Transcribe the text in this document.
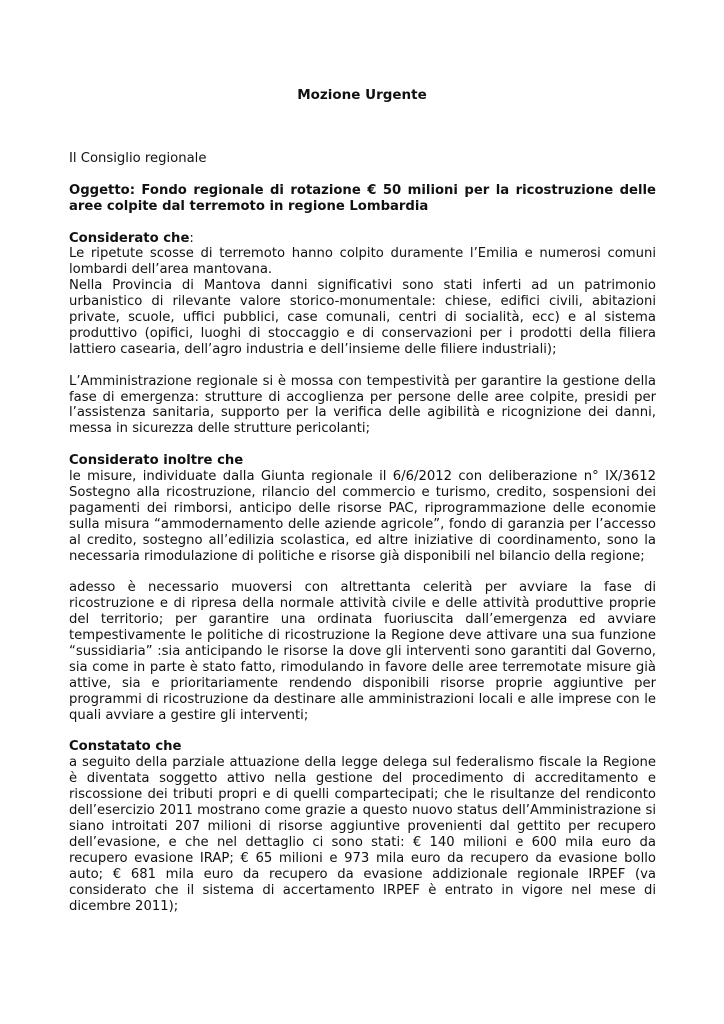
Mozione Urgente

Il Consiglio regionale

Oggetto: Fondo regionale di rotazione € 50 milioni per la ricostruzione delle aree colpite dal terremoto in regione Lombardia

Considerato che:

Le ripetute scosse di terremoto hanno colpito duramente l’Emilia e numerosi comuni lombardi dell’area mantovana.

Nella Provincia di Mantova danni significativi sono stati inferti ad un patrimonio urbanistico di rilevante valore storico-monumentale: chiese, edifici civili, abitazioni private, scuole, uffici pubblici, case comunali, centri di socialità, ecc) e al sistema produttivo (opifici, luoghi di stoccaggio e di conservazioni per i prodotti della filiera lattiero casearia, dell’agro industria e dell’insieme delle filiere industriali);

L’Amministrazione regionale si è mossa con tempestività per garantire la gestione della fase di emergenza: strutture di accoglienza per persone delle aree colpite, presidi per l’assistenza sanitaria, supporto per la verifica delle agibilità e ricognizione dei danni, messa in sicurezza delle strutture pericolanti;

Considerato inoltre che

le misure, individuate dalla Giunta regionale il 6/6/2012 con deliberazione n° IX/3612 Sostegno alla ricostruzione, rilancio del commercio e turismo, credito, sospensioni dei pagamenti dei rimborsi, anticipo delle risorse PAC, riprogrammazione delle economie sulla misura “ammodernamento delle aziende agricole”, fondo di garanzia per l’accesso al credito, sostegno all’edilizia scolastica, ed altre iniziative di coordinamento, sono la necessaria rimodulazione di politiche e risorse già disponibili nel bilancio della regione;

adesso è necessario muoversi con altrettanta celerità per avviare la fase di ricostruzione e di ripresa della normale attività civile e delle attività produttive proprie del territorio; per garantire una ordinata fuoriuscita dall’emergenza ed avviare tempestivamente le politiche di ricostruzione la Regione deve attivare una sua funzione “sussidiaria” :sia anticipando le risorse la dove gli interventi sono garantiti dal Governo, sia come in parte è stato fatto, rimodulando in favore delle aree terremotate misure già attive, sia e prioritariamente rendendo disponibili risorse proprie aggiuntive per programmi di ricostruzione da destinare alle amministrazioni locali e alle imprese con le quali avviare a gestire gli interventi;

Constatato che

a seguito della parziale attuazione della legge delega sul federalismo fiscale la Regione è diventata soggetto attivo nella gestione del procedimento di accreditamento e riscossione dei tributi propri e di quelli compartecipati; che le risultanze del rendiconto dell’esercizio 2011 mostrano come grazie a questo nuovo status dell’Amministrazione si siano introitati 207 milioni di risorse aggiuntive provenienti dal gettito per recupero dell’evasione, e che nel dettaglio ci sono stati: € 140 milioni e 600 mila euro da recupero evasione IRAP; € 65 milioni e 973 mila euro da recupero da evasione bollo auto; € 681 mila euro da recupero da evasione addizionale regionale IRPEF (va considerato che il sistema di accertamento IRPEF è entrato in vigore nel mese di dicembre 2011);
